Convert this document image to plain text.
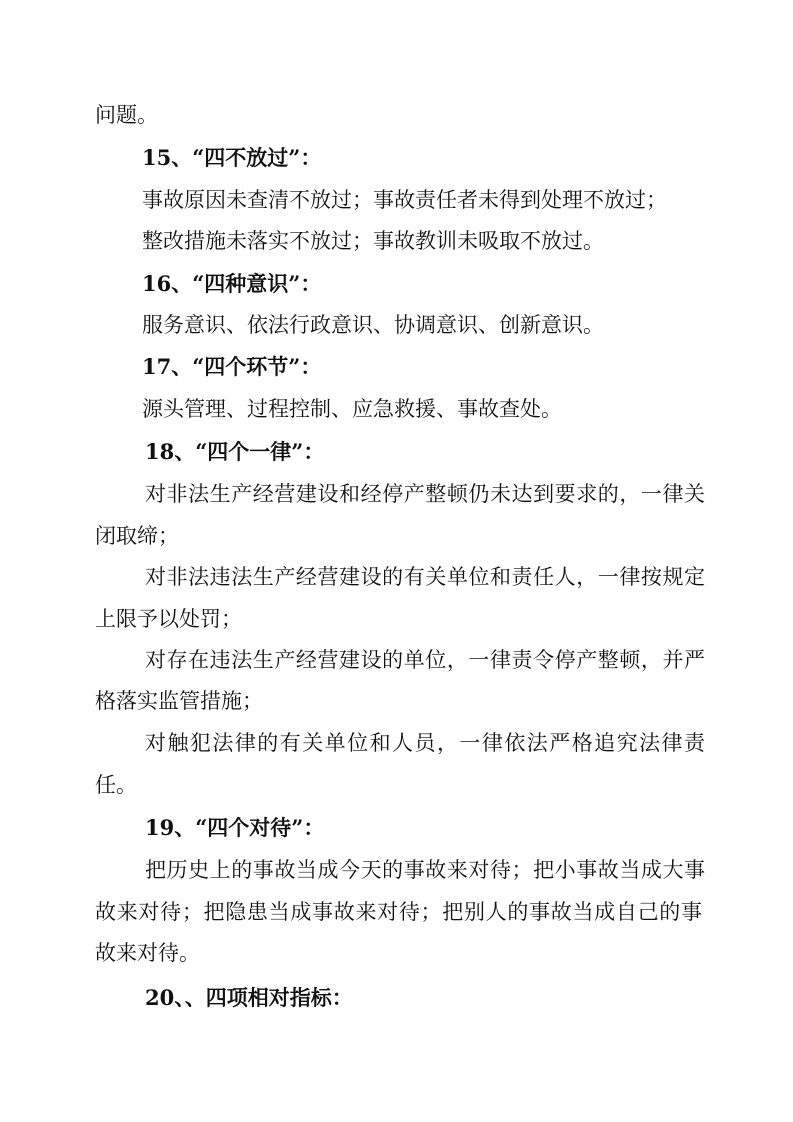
问题。
15、“四不放过”：
事故原因未查清不放过；事故责任者未得到处理不放过；
整改措施未落实不放过；事故教训未吸取不放过。
16、“四种意识”：
服务意识、依法行政意识、协调意识、创新意识。
17、“四个环节”：
源头管理、过程控制、应急救援、事故查处。
18、“四个一律”：
对非法生产经营建设和经停产整顿仍未达到要求的，一律关
闭取缔；
对非法违法生产经营建设的有关单位和责任人，一律按规定
上限予以处罚；
对存在违法生产经营建设的单位，一律责令停产整顿，并严
格落实监管措施；
对触犯法律的有关单位和人员，一律依法严格追究法律责
任。
19、“四个对待”：
把历史上的事故当成今天的事故来对待；把小事故当成大事
故来对待；把隐患当成事故来对待；把别人的事故当成自己的事
故来对待。
20、、四项相对指标：
